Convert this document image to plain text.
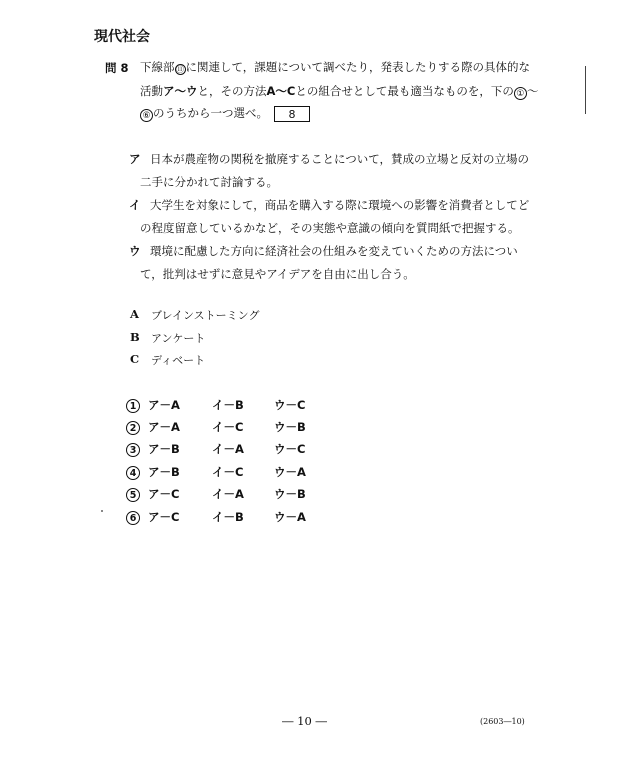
現代社会
問 8 下線部 ⑪ に関連して，課題について調べたり，発表したりする際の具体的な
活動ア～ウと，その方法A～Cとの組合せとして最も適当なものを，下の ① ～
⑥ のうちから一つ選べ。 8
ア 日本が農産物の関税を撤廃することについて，賛成の立場と反対の立場の
二手に分かれて討論する。
イ 大学生を対象にして，商品を購入する際に環境への影響を消費者としてど
の程度留意しているかなど，その実態や意識の傾向を質問紙で把握する。
ウ 環境に配慮した方向に経済社会の仕組みを変えていくための方法につい
て，批判はせずに意見やアイデアを自由に出し合う。
A ブレインストーミング
B アンケート
C ディベート
1 ア－A	イ－B	ウ－C
2 ア－A	イ－C	ウ－B
3 ア－B	イ－A	ウ－C
4 ア－B	イ－C	ウ－A
5 ア－C	イ－A	ウ－B
6 ア－C	イ－B	ウ－A
― 10 ―	(2603―10)
